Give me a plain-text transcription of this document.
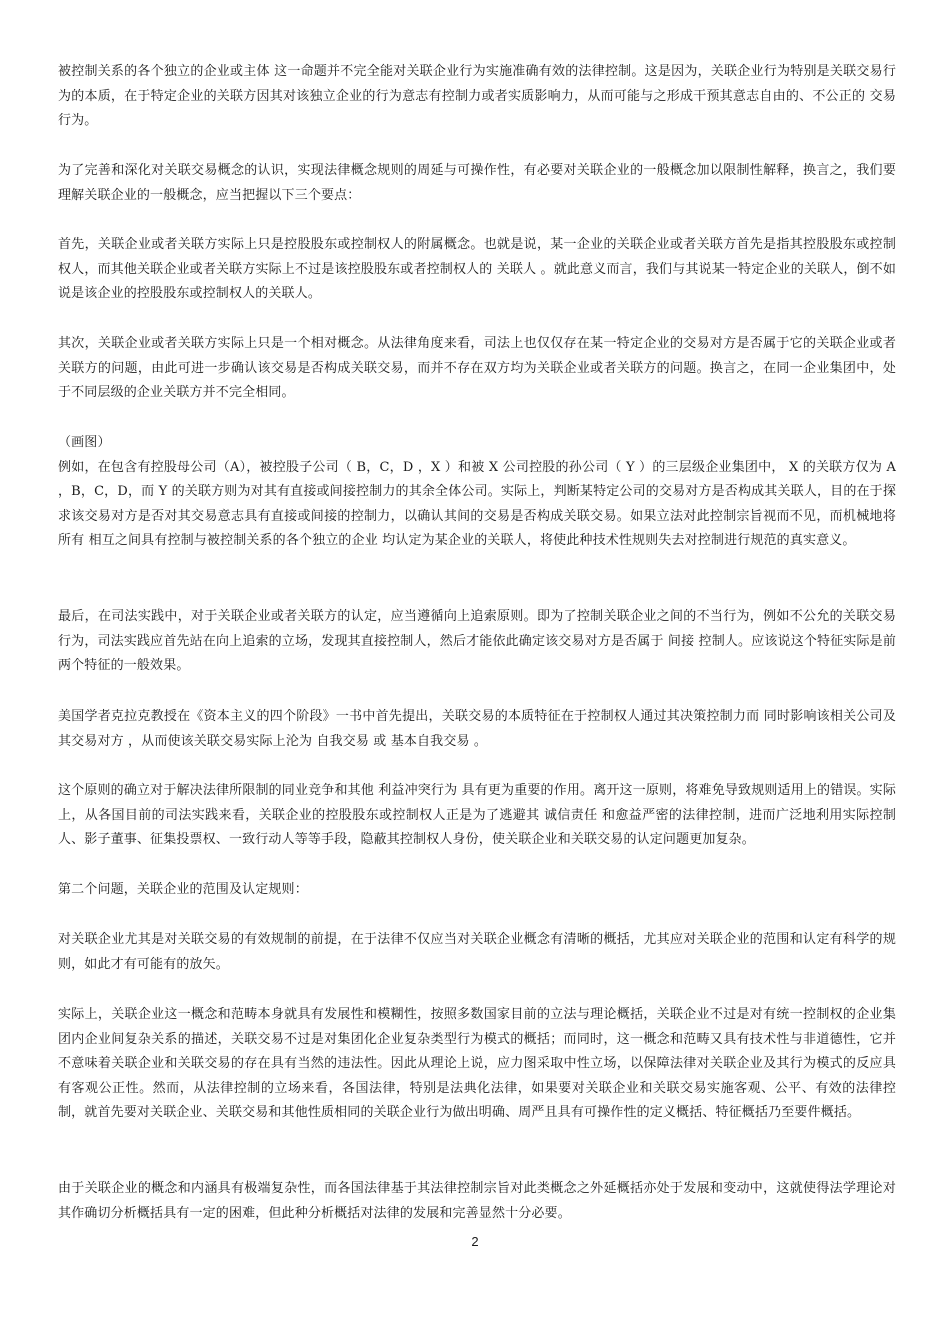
被控制关系的各个独立的企业或主体 这一命题并不完全能对关联企业行为实施准确有效的法律控制。这是因为，关联企业行为特别是关联交易行为的本质，在于特定企业的关联方因其对该独立企业的行为意志有控制力或者实质影响力，从而可能与之形成干预其意志自由的、不公正的 交易 行为。

为了完善和深化对关联交易概念的认识，实现法律概念规则的周延与可操作性，有必要对关联企业的一般概念加以限制性解释，换言之，我们要理解关联企业的一般概念，应当把握以下三个要点：

首先，关联企业或者关联方实际上只是控股股东或控制权人的附属概念。也就是说，某一企业的关联企业或者关联方首先是指其控股股东或控制权人，而其他关联企业或者关联方实际上不过是该控股股东或者控制权人的 关联人 。就此意义而言，我们与其说某一特定企业的关联人，倒不如说是该企业的控股股东或控制权人的关联人。

其次，关联企业或者关联方实际上只是一个相对概念。从法律角度来看，司法上也仅仅存在某一特定企业的交易对方是否属于它的关联企业或者关联方的问题，由此可进一步确认该交易是否构成关联交易，而并不存在双方均为关联企业或者关联方的问题。换言之，在同一企业集团中，处于不同层级的企业关联方并不完全相同。

（画图）
例如，在包含有控股母公司（A），被控股子公司（ B，C，D ，X ）和被 X 公司控股的孙公司（ Y ）的三层级企业集团中， X 的关联方仅为 A ，B，C，D，而 Y 的关联方则为对其有直接或间接控制力的其余全体公司。实际上，判断某特定公司的交易对方是否构成其关联人，目的在于探求该交易对方是否对其交易意志具有直接或间接的控制力，以确认其间的交易是否构成关联交易。如果立法对此控制宗旨视而不见，而机械地将所有 相互之间具有控制与被控制关系的各个独立的企业 均认定为某企业的关联人，将使此种技术性规则失去对控制进行规范的真实意义。

最后，在司法实践中，对于关联企业或者关联方的认定，应当遵循向上追索原则。即为了控制关联企业之间的不当行为，例如不公允的关联交易行为，司法实践应首先站在向上追索的立场，发现其直接控制人，然后才能依此确定该交易对方是否属于 间接 控制人。应该说这个特征实际是前两个特征的一般效果。

美国学者克拉克教授在《资本主义的四个阶段》一书中首先提出，关联交易的本质特征在于控制权人通过其决策控制力而 同时影响该相关公司及其交易对方 ，从而使该关联交易实际上沦为 自我交易 或 基本自我交易 。

这个原则的确立对于解决法律所限制的同业竞争和其他 利益冲突行为 具有更为重要的作用。离开这一原则，将难免导致规则适用上的错误。实际上，从各国目前的司法实践来看，关联企业的控股股东或控制权人正是为了逃避其 诚信责任 和愈益严密的法律控制，进而广泛地利用实际控制人、影子董事、征集投票权、一致行动人等等手段，隐蔽其控制权人身份，使关联企业和关联交易的认定问题更加复杂。

第二个问题，关联企业的范围及认定规则：

对关联企业尤其是对关联交易的有效规制的前提，在于法律不仅应当对关联企业概念有清晰的概括，尤其应对关联企业的范围和认定有科学的规则，如此才有可能有的放矢。

实际上，关联企业这一概念和范畴本身就具有发展性和模糊性，按照多数国家目前的立法与理论概括，关联企业不过是对有统一控制权的企业集团内企业间复杂关系的描述，关联交易不过是对集团化企业复杂类型行为模式的概括；而同时，这一概念和范畴又具有技术性与非道德性，它并不意味着关联企业和关联交易的存在具有当然的违法性。因此从理论上说，应力图采取中性立场，以保障法律对关联企业及其行为模式的反应具有客观公正性。然而，从法律控制的立场来看，各国法律，特别是法典化法律，如果要对关联企业和关联交易实施客观、公平、有效的法律控制，就首先要对关联企业、关联交易和其他性质相同的关联企业行为做出明确、周严且具有可操作性的定义概括、特征概括乃至要件概括。

由于关联企业的概念和内涵具有极端复杂性，而各国法律基于其法律控制宗旨对此类概念之外延概括亦处于发展和变动中，这就使得法学理论对其作确切分析概括具有一定的困难，但此种分析概括对法律的发展和完善显然十分必要。

2
